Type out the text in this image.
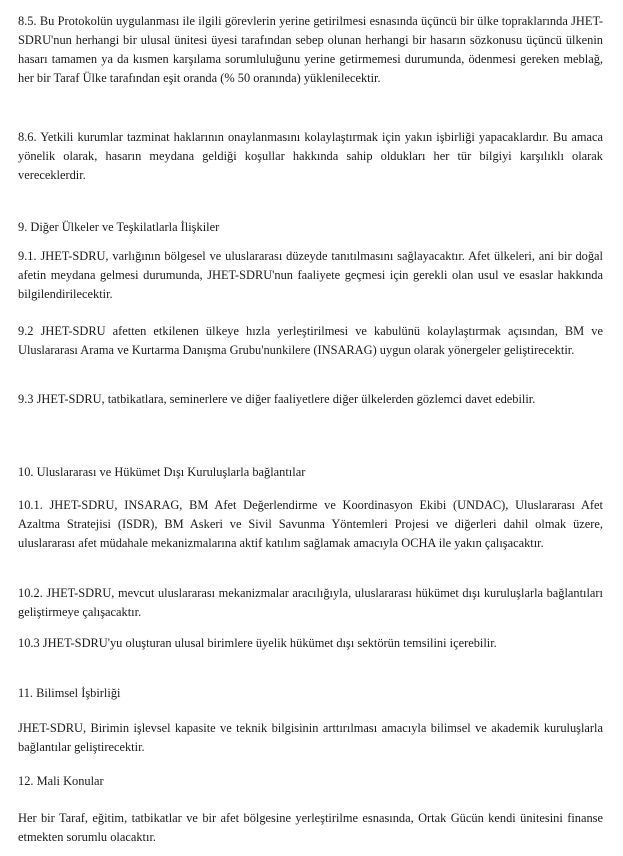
8.5. Bu Protokolün uygulanması ile ilgili görevlerin yerine getirilmesi esnasında üçüncü bir ülke topraklarında JHET-SDRU'nun herhangi bir ulusal ünitesi üyesi tarafından sebep olunan herhangi bir hasarın sözkonusu üçüncü ülkenin hasarı tamamen ya da kısmen karşılama sorumluluğunu yerine getirmemesi durumunda, ödenmesi gereken meblağ, her bir Taraf Ülke tarafından eşit oranda (% 50 oranında) yüklenilecektir.
8.6. Yetkili kurumlar tazminat haklarının onaylanmasını kolaylaştırmak için yakın işbirliği yapacaklardır. Bu amaca yönelik olarak, hasarın meydana geldiği koşullar hakkında sahip oldukları her tür bilgiyi karşılıklı olarak vereceklerdir.
9. Diğer Ülkeler ve Teşkilatlarla İlişkiler
9.1. JHET-SDRU, varlığının bölgesel ve uluslararası düzeyde tanıtılmasını sağlayacaktır. Afet ülkeleri, ani bir doğal afetin meydana gelmesi durumunda, JHET-SDRU'nun faaliyete geçmesi için gerekli olan usul ve esaslar hakkında bilgilendirilecektir.
9.2 JHET-SDRU afetten etkilenen ülkeye hızla yerleştirilmesi ve kabulünü kolaylaştırmak açısından, BM ve Uluslararası Arama ve Kurtarma Danışma Grubu'nunkilere (INSARAG) uygun olarak yönergeler geliştirecektir.
9.3 JHET-SDRU, tatbikatlara, seminerlere ve diğer faaliyetlere diğer ülkelerden gözlemci davet edebilir.
10. Uluslararası ve Hükümet Dışı Kuruluşlarla bağlantılar
10.1. JHET-SDRU, INSARAG, BM Afet Değerlendirme ve Koordinasyon Ekibi (UNDAC), Uluslararası Afet Azaltma Stratejisi (ISDR), BM Askeri ve Sivil Savunma Yöntemleri Projesi ve diğerleri dahil olmak üzere, uluslararası afet müdahale mekanizmalarına aktif katılım sağlamak amacıyla OCHA ile yakın çalışacaktır.
10.2. JHET-SDRU, mevcut uluslararası mekanizmalar aracılığıyla, uluslararası hükümet dışı kuruluşlarla bağlantıları geliştirmeye çalışacaktır.
10.3 JHET-SDRU'yu oluşturan ulusal birimlere üyelik hükümet dışı sektörün temsilini içerebilir.
11. Bilimsel İşbirliği
JHET-SDRU, Birimin işlevsel kapasite ve teknik bilgisinin arttırılması amacıyla bilimsel ve akademik kuruluşlarla bağlantılar geliştirecektir.
12. Mali Konular
Her bir Taraf, eğitim, tatbikatlar ve bir afet bölgesine yerleştirilme esnasında, Ortak Gücün kendi ünitesini finanse etmekten sorumlu olacaktır.
